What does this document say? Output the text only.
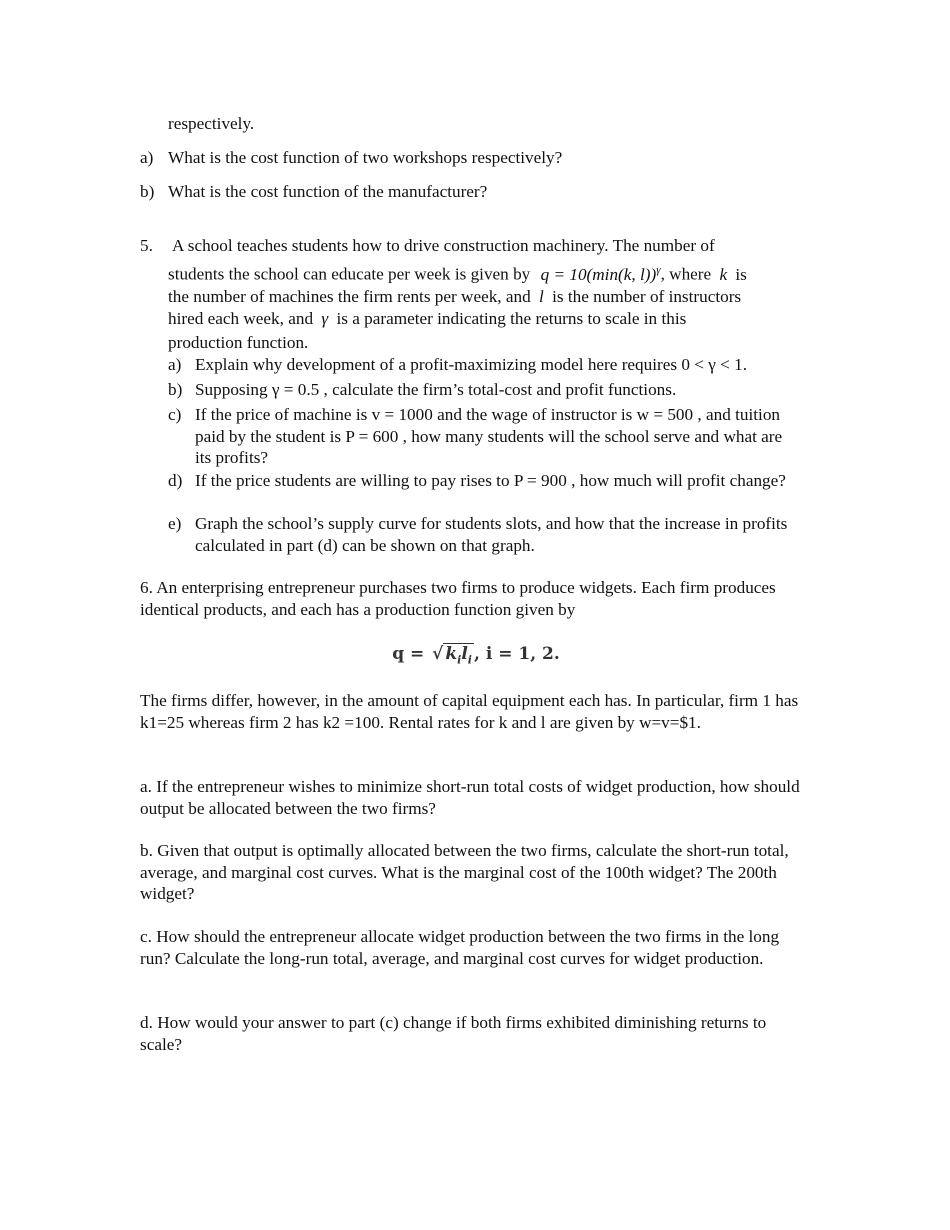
respectively.
a) What is the cost function of two workshops respectively?
b) What is the cost function of the manufacturer?
5. A school teaches students how to drive construction machinery. The number of
students the school can educate per week is given by q = 10(min(k, l))$^\gamma$, where k is
the number of machines the firm rents per week, and l is the number of instructors
hired each week, and γ is a parameter indicating the returns to scale in this
production function.
a) Explain why development of a profit-maximizing model here requires 0 < γ < 1.
b) Supposing γ = 0.5 , calculate the firm’s total-cost and profit functions.
c) If the price of machine is v = 1000 and the wage of instructor is w = 500 , and tuition paid by the student is P = 600 , how many students will the school serve and what are its profits?
d) If the price students are willing to pay rises to P = 900 , how much will profit change?
e) Graph the school’s supply curve for students slots, and how that the increase in profits calculated in part (d) can be shown on that graph.
6. An enterprising entrepreneur purchases two firms to produce widgets. Each firm produces identical products, and each has a production function given by
q = √ $k_il_i$ , i = 1, 2.
The firms differ, however, in the amount of capital equipment each has. In particular, firm 1 has k1=25 whereas firm 2 has k2 =100. Rental rates for k and l are given by w=v=$1.
a. If the entrepreneur wishes to minimize short-run total costs of widget production, how should output be allocated between the two firms?
b. Given that output is optimally allocated between the two firms, calculate the short-run total, average, and marginal cost curves. What is the marginal cost of the 100th widget? The 200th widget?
c. How should the entrepreneur allocate widget production between the two firms in the long run? Calculate the long-run total, average, and marginal cost curves for widget production.
d. How would your answer to part (c) change if both firms exhibited diminishing returns to scale?
